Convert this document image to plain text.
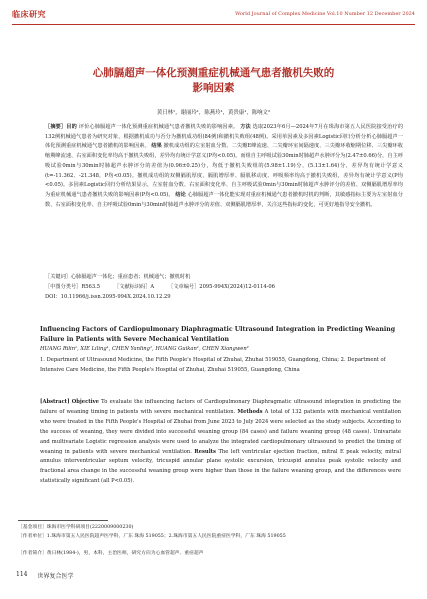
临床研究	World Journal of Complex Medicine Vol.10 Number 12 December 2024
心肺膈超声一体化预测重症机械通气患者撤机失败的
影响因素
黄日林¹，谢丽玲¹，陈燕玲¹，黄贵康¹，陈响文²
［摘要］目的 评价心肺膈超声一体化预测重症机械通气患者撤机失败的影响因素。 方法 选取2023年6月—2024年7月在珠海市第五人民医院接受治疗的132例机械通气患者为研究对象，根据撤机成功与否分为撤机成功组(84例)和撤机失败组(48例)。采用单因素及多因素Logistic回归分析分析心肺膈超声一体化预测重症机械通气患者撤机的影响因素。 结果 撤机成功组的左室射血分数、二尖瓣E峰流速、二尖瓣环室间隔速度、三尖瓣环收缩期位移、三尖瓣环收缩期峰流速、右室面积变化率均高于撤机失败组，差异均有统计学意义(P均<0.05)。而组自主呼吸试验30min时肺超声水肿评分为(2.47±0.66)分，自主呼吸试验0min与30min时肺超声水肿评分的差值为(0.96±0.25)分，均低于撤机失败组的(5.98±1.19)分，(5.13±1.64)分，差异均有统计学意义(t=-11.362、-21.348，P均<0.05)。撤机成功组的双侧膈肌厚度、膈肌增厚率、膈肌移动度、呼吸频率均高于撤机失败组，差异均有统计学意义(P均<0.05)。多因素Logistic回归分析结果显示，左室射血分数、右室面积变化率、自主呼吸试验0min与30min时肺超声水肿评分的差值、双侧膈肌增厚率均为重症机械通气患者撤机失败的影响因素(P均<0.05)。 结论 心肺膈超声一体化能实现对重症机械通气患者撤机时机的判断，其敏感指标主要为左室射血分数、右室面积变化率、自主呼吸试验0min与30min时肺超声水肿评分的差值、双侧膈肌增厚率，关注这些指标的变化，可更好地指导安全撤机。
［关键词］心肺膈超声一体化；重症患者；机械通气；撤机时机
［中图分类号］R563.5	［文献标识码］A	［文章编号］2095-994X(2024)12-0114-06
DOI：10.11966/j.issn.2095-994X.2024.10.12.29
Influencing Factors of Cardiopulmonary Diaphragmatic Ultrasound Integration in Predicting Weaning Failure in Patients with Severe Mechanical Ventilation
HUANG Rilin¹, XIE Liling¹, CHEN Yanling¹, HUANG Guikan¹, CHEN Xiangwen²
1. Department of Ultrasound Medicine, the Fifth People's Hospital of Zhuhai, Zhuhai 519055, Guangdong, China; 2. Department of Intensive Care Medicine, the Fifth People's Hospital of Zhuhai, Zhuhai 519055, Guangdong, China
[Abstract] Objective To evaluate the influencing factors of Cardiopulmonary Diaphragmatic ultrasound integration in predicting the failure of weaning timing in patients with severe mechanical ventilation. Methods A total of 132 patients with mechanical ventilation who were treated in the Fifth People's Hospital of Zhuhai from June 2023 to July 2024 were selected as the study subjects. According to the success of weaning, they were divided into successful weaning group (84 cases) and failure weaning group (48 cases). Univariate and multivariate Logistic regression analysis were used to analyze the integrated cardiopulmonary ultrasound to predict the timing of weaning in patients with severe mechanical ventilation. Results The left ventricular ejection fraction, mitral E peak velocity, mitral annulus interventricular septum velocity, tricuspid annular plane systolic excursion, tricuspid annulus peak systolic velocity and fractional area change in the successful weaning group were higher than those in the failure weaning group, and the differences were statistically significant (all P<0.05).
［基金项目］珠海市医学科研项目(2220009000230)
［作者单位］1.珠海市第五人民医院超声医学科，广东 珠海 519055；2.珠海市第五人民医院重症医学科，广东 珠海 519055
［作者简介］黄日林(1984-)，男，本科，主治医师，研究方向为心血管超声、重症超声
114 世界复合医学
